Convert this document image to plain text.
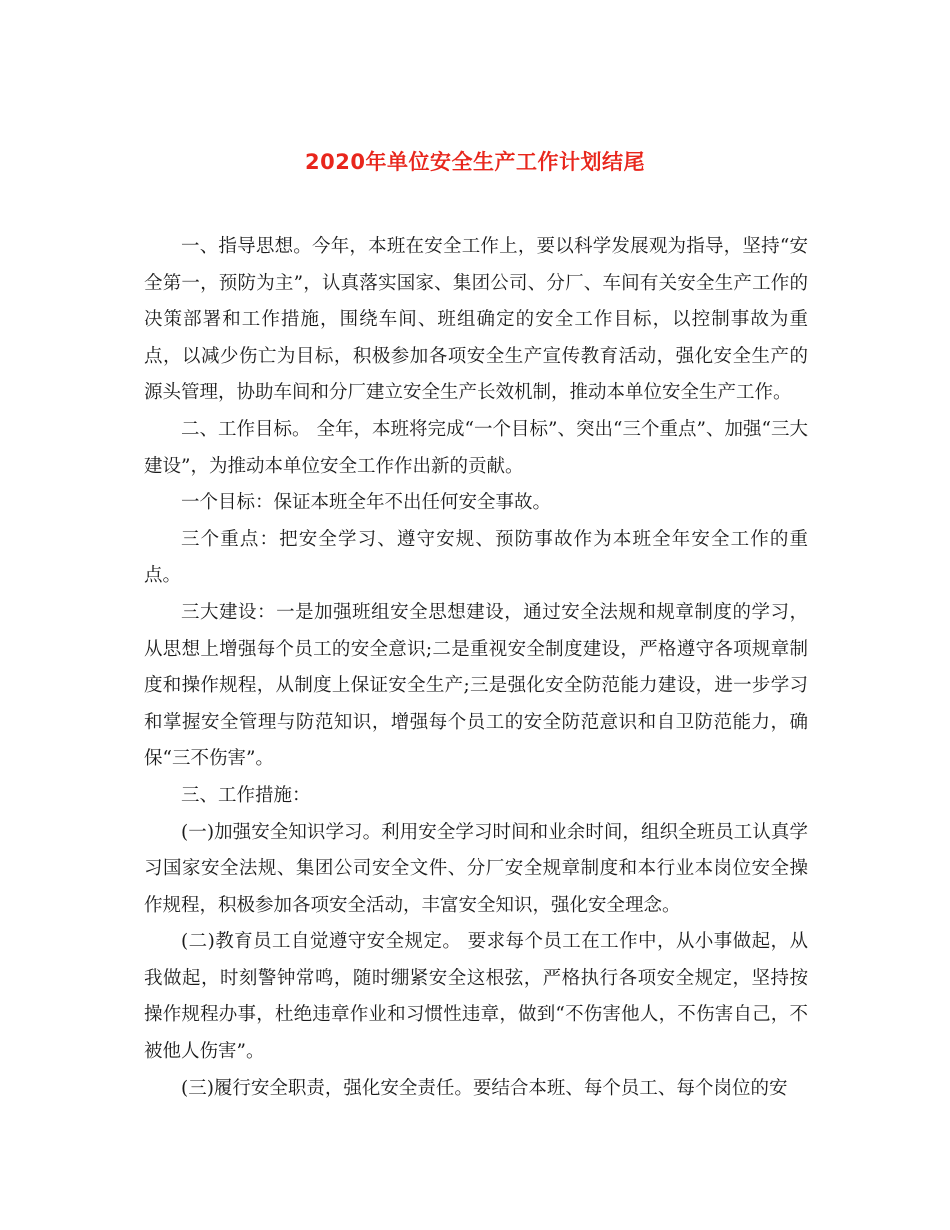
2020年单位安全生产工作计划结尾

一、指导思想。今年，本班在安全工作上，要以科学发展观为指导，坚持“安全第一，预防为主”，认真落实国家、集团公司、分厂、车间有关安全生产工作的决策部署和工作措施，围绕车间、班组确定的安全工作目标，以控制事故为重点，以减少伤亡为目标，积极参加各项安全生产宣传教育活动，强化安全生产的源头管理，协助车间和分厂建立安全生产长效机制，推动本单位安全生产工作。

二、工作目标。 全年，本班将完成“一个目标”、突出“三个重点”、加强“三大建设”，为推动本单位安全工作作出新的贡献。

一个目标：保证本班全年不出任何安全事故。

三个重点：把安全学习、遵守安规、预防事故作为本班全年安全工作的重点。

三大建设：一是加强班组安全思想建设，通过安全法规和规章制度的学习，从思想上增强每个员工的安全意识;二是重视安全制度建设，严格遵守各项规章制度和操作规程，从制度上保证安全生产;三是强化安全防范能力建设，进一步学习和掌握安全管理与防范知识，增强每个员工的安全防范意识和自卫防范能力，确保“三不伤害”。

三、工作措施：

(一)加强安全知识学习。利用安全学习时间和业余时间，组织全班员工认真学习国家安全法规、集团公司安全文件、分厂安全规章制度和本行业本岗位安全操作规程，积极参加各项安全活动，丰富安全知识，强化安全理念。

(二)教育员工自觉遵守安全规定。 要求每个员工在工作中，从小事做起，从我做起，时刻警钟常鸣，随时绷紧安全这根弦，严格执行各项安全规定，坚持按操作规程办事，杜绝违章作业和习惯性违章，做到“不伤害他人，不伤害自己，不被他人伤害”。

(三)履行安全职责，强化安全责任。要结合本班、每个员工、每个岗位的安
